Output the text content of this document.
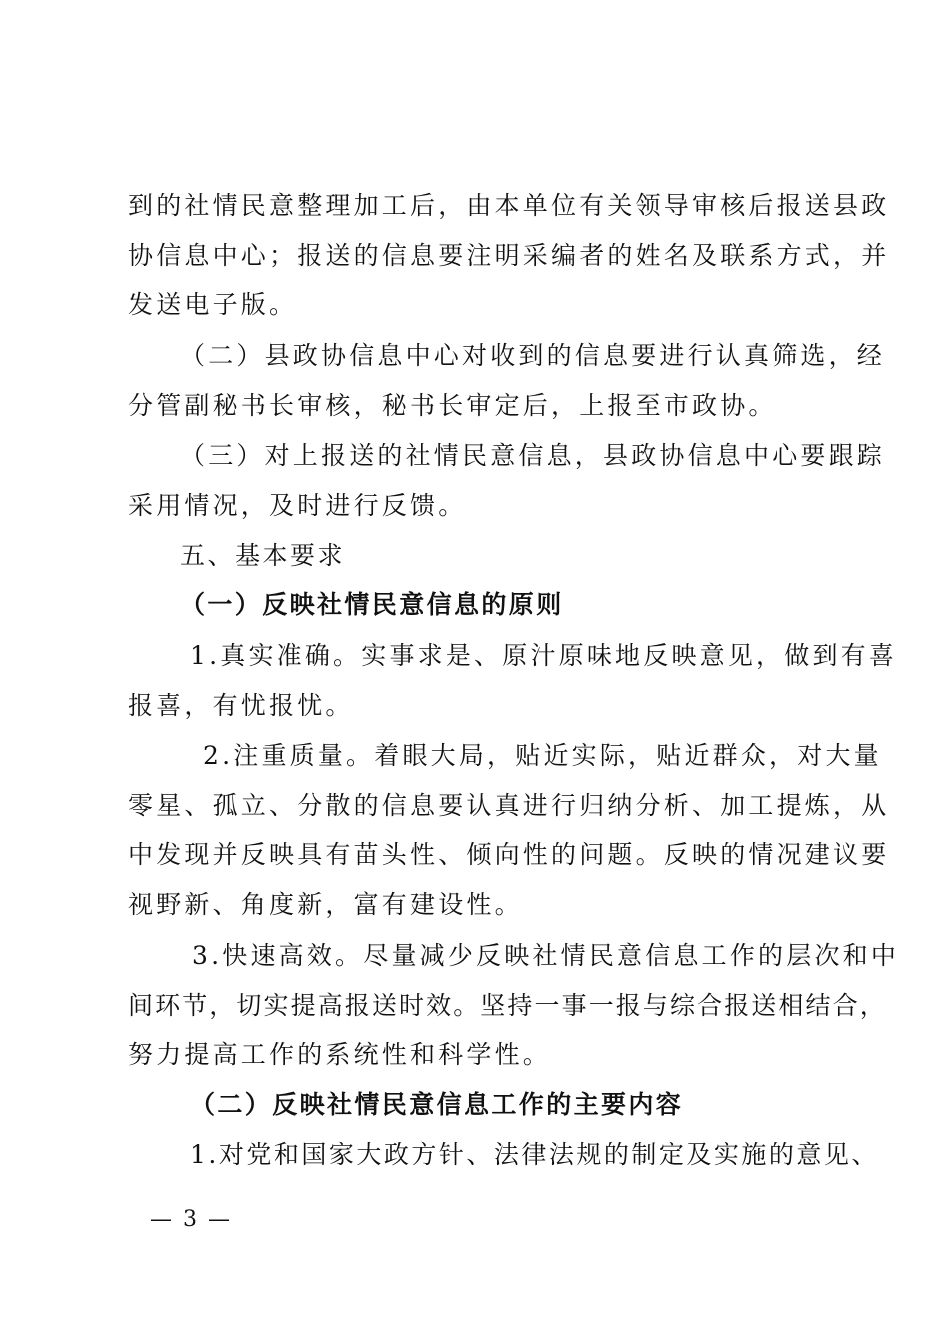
到的社情民意整理加工后，由本单位有关领导审核后报送县政
协信息中心；报送的信息要注明采编者的姓名及联系方式，并
发送电子版。
（二）县政协信息中心对收到的信息要进行认真筛选，经
分管副秘书长审核，秘书长审定后，上报至市政协。
（三）对上报送的社情民意信息，县政协信息中心要跟踪
采用情况，及时进行反馈。
五、基本要求
（一）反映社情民意信息的原则
1.真实准确。实事求是、原汁原味地反映意见，做到有喜
报喜，有忧报忧。
2.注重质量。着眼大局，贴近实际，贴近群众，对大量
零星、孤立、分散的信息要认真进行归纳分析、加工提炼，从
中发现并反映具有苗头性、倾向性的问题。反映的情况建议要
视野新、角度新，富有建设性。
3.快速高效。尽量减少反映社情民意信息工作的层次和中
间环节，切实提高报送时效。坚持一事一报与综合报送相结合，
努力提高工作的系统性和科学性。
（二）反映社情民意信息工作的主要内容
1.对党和国家大政方针、法律法规的制定及实施的意见、
— 3 —
